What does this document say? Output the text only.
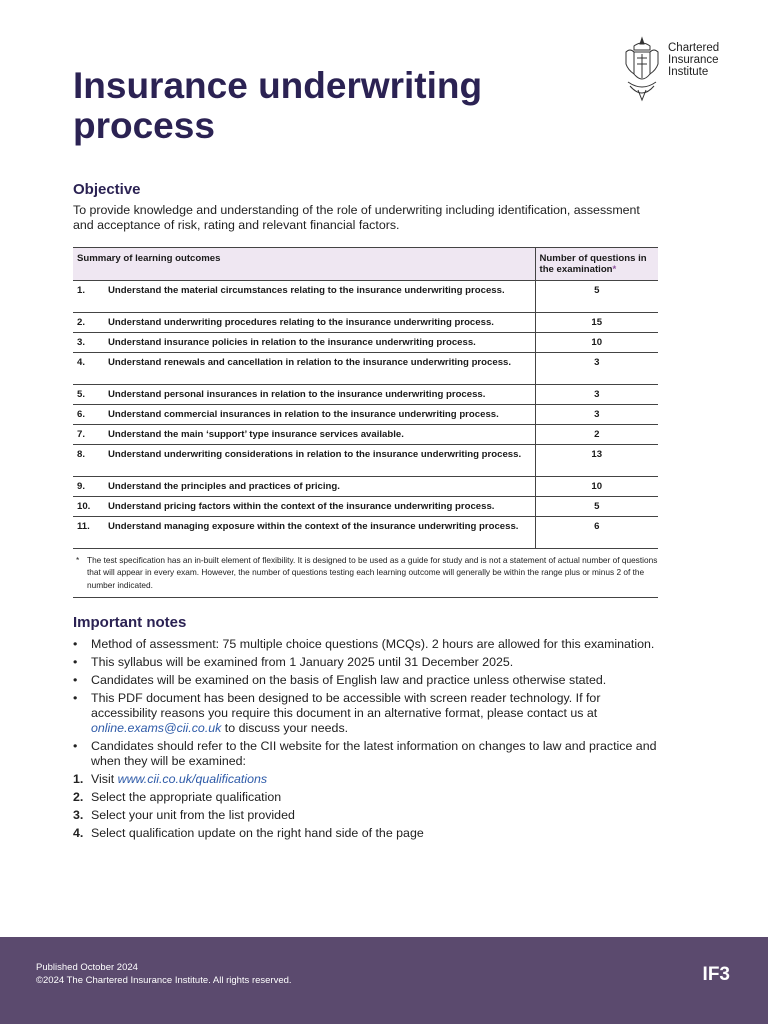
Chartered
Insurance
Institute
Insurance underwriting process
Objective

To provide knowledge and understanding of the role of underwriting including identification, assessment and acceptance of risk, rating and relevant financial factors.

Summary of learning outcomes		Number of questions in the examination*
1.	Understand the material circumstances relating to the insurance underwriting process.	5
2.	Understand underwriting procedures relating to the insurance underwriting process.	15
3.	Understand insurance policies in relation to the insurance underwriting process.	10
4.	Understand renewals and cancellation in relation to the insurance underwriting process.	3
5.	Understand personal insurances in relation to the insurance underwriting process.	3
6.	Understand commercial insurances in relation to the insurance underwriting process.	3
7.	Understand the main ‘support’ type insurance services available.	2
8.	Understand underwriting considerations in relation to the insurance underwriting process.	13
9.	Understand the principles and practices of pricing.	10
10.	Understand pricing factors within the context of the insurance underwriting process.	5
11.	Understand managing exposure within the context of the insurance underwriting process.	6
* The test specification has an in-built element of flexibility. It is designed to be used as a guide for study and is not a statement of actual number of questions that will appear in every exam. However, the number of questions testing each learning outcome will generally be within the range plus or minus 2 of the number indicated.
Important notes
• Method of assessment: 75 multiple choice questions (MCQs). 2 hours are allowed for this examination.
• This syllabus will be examined from 1 January 2025 until 31 December 2025.
• Candidates will be examined on the basis of English law and practice unless otherwise stated.
• This PDF document has been designed to be accessible with screen reader technology. If for accessibility reasons you require this document in an alternative format, please contact us at online.exams@cii.co.uk to discuss your needs.
• Candidates should refer to the CII website for the latest information on changes to law and practice and when they will be examined:
1. Visit www.cii.co.uk/qualifications
2. Select the appropriate qualification
3. Select your unit from the list provided
4. Select qualification update on the right hand side of the page
Published October 2024
©2024 The Chartered Insurance Institute. All rights reserved.	IF3
